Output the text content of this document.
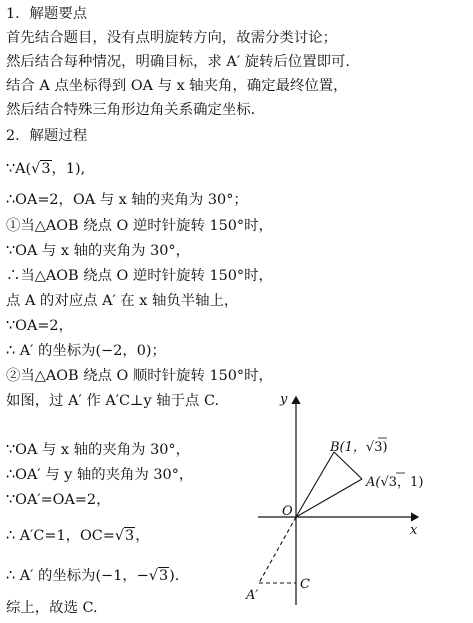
1．解题要点
首先结合题目，没有点明旋转方向，故需分类讨论；
然后结合每种情况，明确目标，求 A′ 旋转后位置即可.
结合 A 点坐标得到 OA 与 x 轴夹角，确定最终位置，
然后结合特殊三角形边角关系确定坐标.
2．解题过程
∵A(√3，1),
∴OA=2，OA 与 x 轴的夹角为 30°；
①当△AOB 绕点 O 逆时针旋转 150°时，
∵OA 与 x 轴的夹角为 30°，
∴当△AOB 绕点 O 逆时针旋转 150°时，
点 A 的对应点 A′ 在 x 轴负半轴上，
∵OA=2，
∴ A′ 的坐标为(−2，0)；
②当△AOB 绕点 O 顺时针旋转 150°时，
如图，过 A′ 作 A′C⊥y 轴于点 C.
∵OA 与 x 轴的夹角为 30°，
∴OA′ 与 y 轴的夹角为 30°，
∵OA′=OA=2，
∴ A′C=1，OC=√3，
∴ A′ 的坐标为(−1，−√3).
综上，故选 C.
y
x
O
B(1，√3)
A(√3，1)
C
A′
